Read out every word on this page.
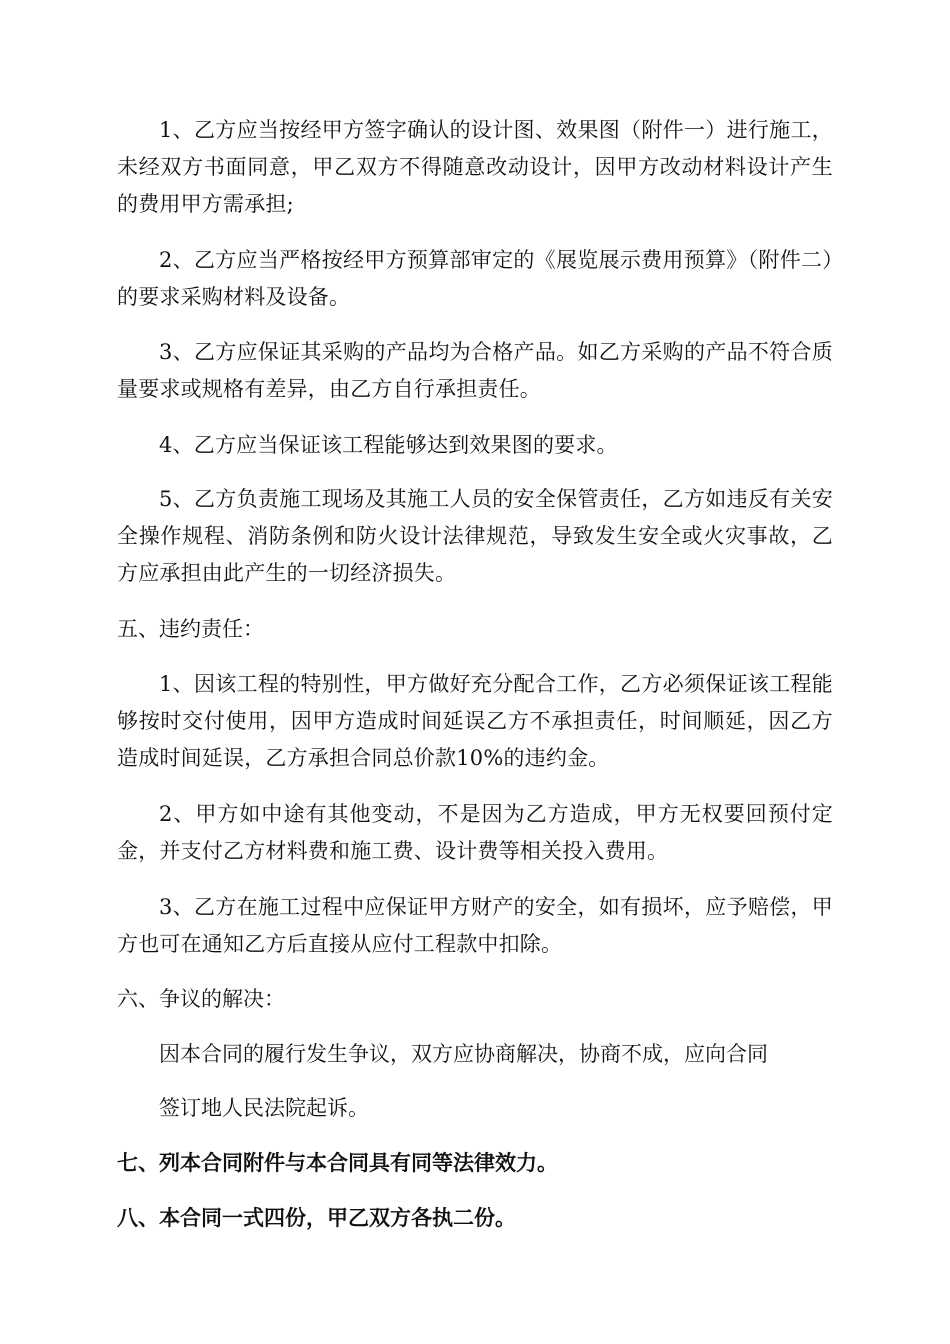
1、乙方应当按经甲方签字确认的设计图、效果图（附件一）进行施工，未经双方书面同意，甲乙双方不得随意改动设计，因甲方改动材料设计产生的费用甲方需承担;

2、乙方应当严格按经甲方预算部审定的《展览展示费用预算》（附件二）的要求采购材料及设备。

3、乙方应保证其采购的产品均为合格产品。如乙方采购的产品不符合质量要求或规格有差异，由乙方自行承担责任。

4、乙方应当保证该工程能够达到效果图的要求。

5、乙方负责施工现场及其施工人员的安全保管责任，乙方如违反有关安全操作规程、消防条例和防火设计法律规范，导致发生安全或火灾事故，乙方应承担由此产生的一切经济损失。

五、违约责任：

1、因该工程的特别性，甲方做好充分配合工作，乙方必须保证该工程能够按时交付使用，因甲方造成时间延误乙方不承担责任，时间顺延，因乙方造成时间延误，乙方承担合同总价款10%的违约金。

2、甲方如中途有其他变动，不是因为乙方造成，甲方无权要回预付定金，并支付乙方材料费和施工费、设计费等相关投入费用。

3、乙方在施工过程中应保证甲方财产的安全，如有损坏，应予赔偿，甲方也可在通知乙方后直接从应付工程款中扣除。

六、争议的解决：

因本合同的履行发生争议，双方应协商解决，协商不成，应向合同

签订地人民法院起诉。

七、列本合同附件与本合同具有同等法律效力。

八、本合同一式四份，甲乙双方各执二份。
